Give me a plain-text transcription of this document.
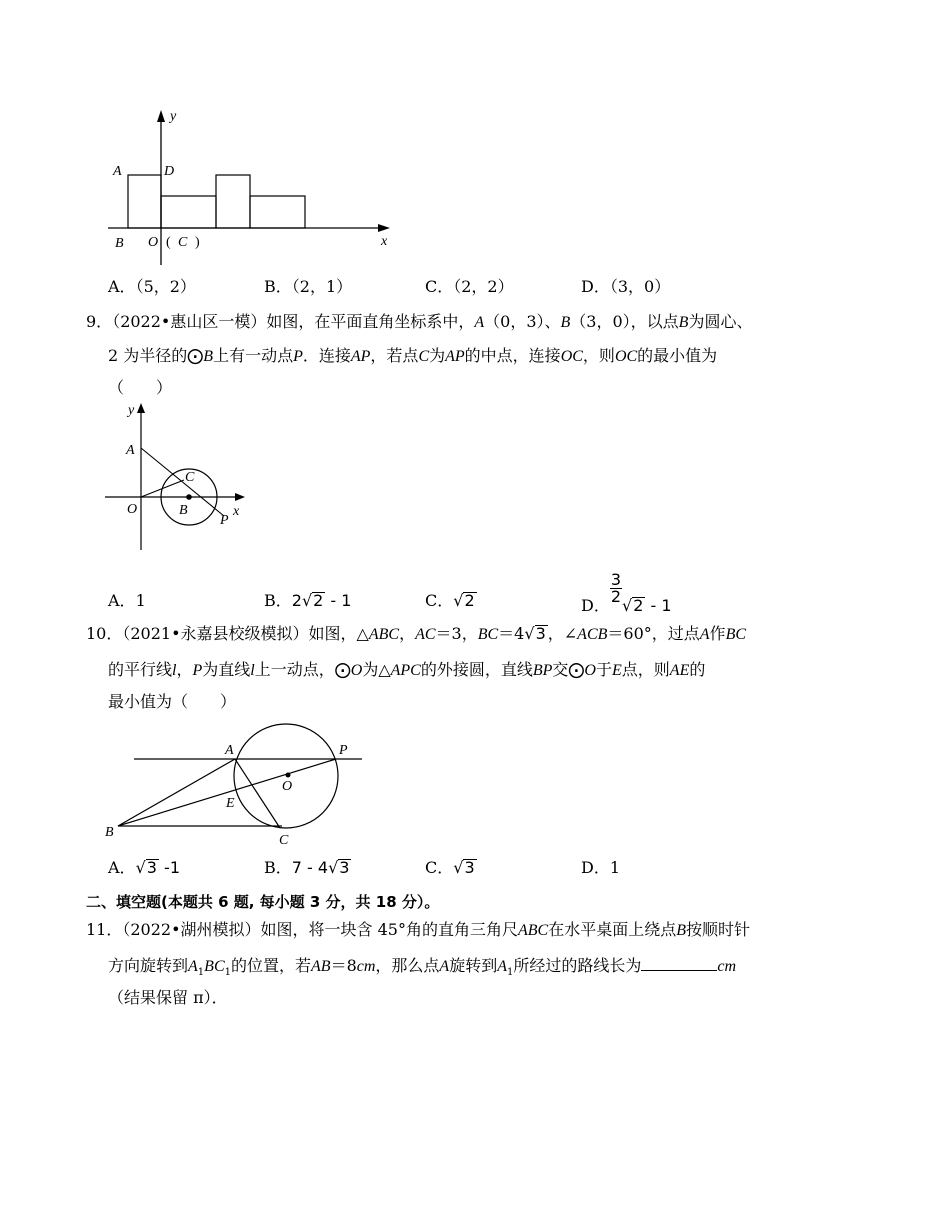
y
x
A	D
B O ( C )
A．（5，2）	B．（2，1）	C．（2，2）	D．（3，0）
9．（2022•惠山区一模）如图，在平面直角坐标系中，A（0，3）、B（3，0），以点B为圆心、
2 为半径的⨀B上有一动点P．连接AP，若点C为AP的中点，连接OC，则OC的最小值为
（　　）
y
x
A
C
O	B
P
A．1	B．2√2 - 1	C．√2	D．
$\frac{3}{2}$
√2 - 1
10．（2021•永嘉县校级模拟）如图，△ABC，AC＝3，BC＝4√3 ，∠ACB＝60°，过点A作BC
的平行线l，P为直线l上一动点，⨀O为△APC的外接圆，直线BP交⨀O于E点，则AE的
最小值为（　　）
A	P
O
E
B
C
A．√3 -1	B．7 - 4√3	C．√3	D．1
二、填空题(本题共 6 题, 每小题 3 分，共 18 分）。
11．（2022•湖州模拟）如图，将一块含 45°角的直角三角尺ABC在水平桌面上绕点B按顺时针
方向旋转到$A_1BC_1$的位置，若AB＝8cm，那么点A旋转到$A_1$所经过的路线长为	cm
（结果保留 π）．
